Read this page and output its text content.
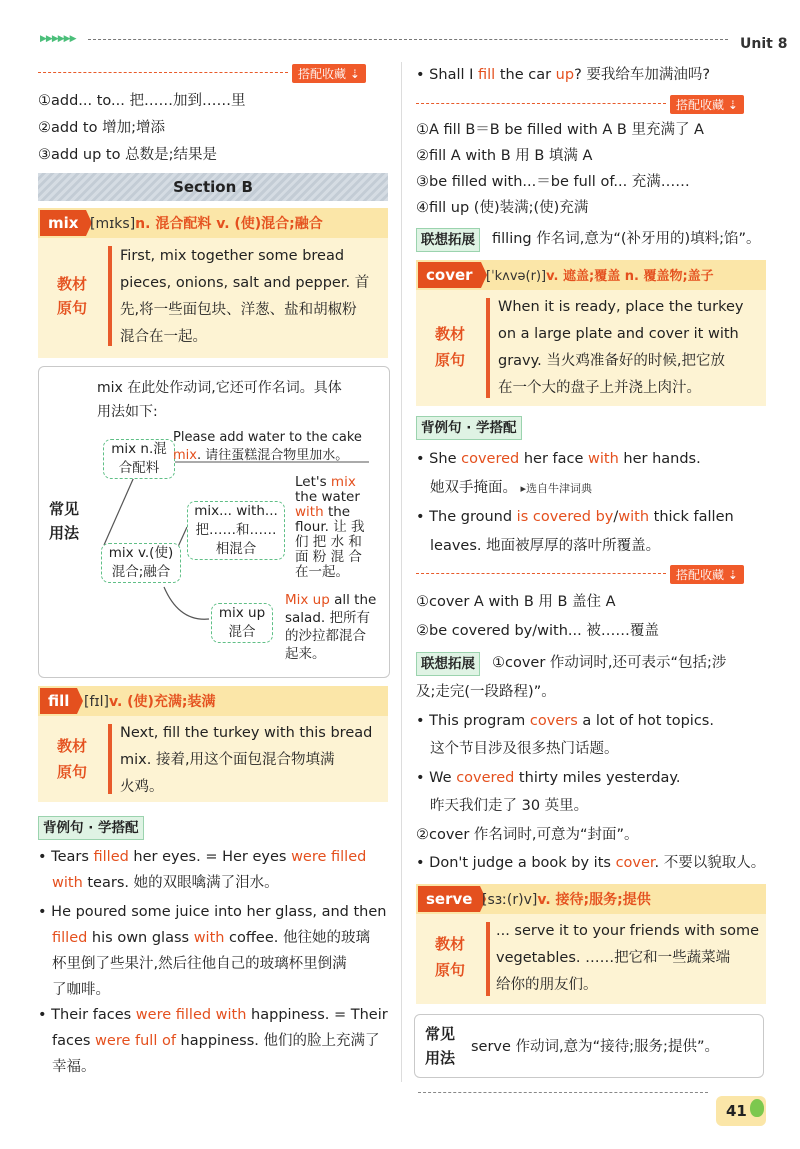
▶▶▶▶▶▶	Unit 8
搭配收藏 ⇣
①add... to... 把……加到……里
②add to 增加;增添
③add up to 总数是;结果是
Section B
mix [mɪks]n. 混合配料 v. (使)混合;融合
教材
原句
First, mix together some bread
pieces, onions, salt and pepper. 首
先,将一些面包块、洋葱、盐和胡椒粉
混合在一起。
mix 在此处作动词,它还可作名词。具体
用法如下:
常见
用法
mix n.混
合配料
Please add water to the cake
mix. 请往蛋糕混合物里加水。
mix v.(使)
混合;融合
mix... with...
把……和……
相混合
Let's mix
the water
with the
flour. 让 我
们 把 水 和
面 粉 混 合
在一起。
mix up
混合
Mix up all the
salad. 把所有
的沙拉都混合
起来。
fill	[fɪl]v. (使)充满;装满
教材
原句
Next, fill the turkey with this bread
mix. 接着,用这个面包混合物填满
火鸡。
背例句 · 学搭配
• Tears filled her eyes. = Her eyes were filled
with tears. 她的双眼噙满了泪水。
• He poured some juice into her glass, and then
filled his own glass with coffee. 他往她的玻璃
杯里倒了些果汁,然后往他自己的玻璃杯里倒满
了咖啡。
• Their faces were filled with happiness. = Their
faces were full of happiness. 他们的脸上充满了
幸福。
• Shall I fill the car up? 要我给车加满油吗?
搭配收藏 ⇣
①A fill B＝B be filled with A B 里充满了 A
②fill A with B 用 B 填满 A
③be filled with...＝be full of... 充满……
④fill up (使)装满;(使)充满
联想拓展	filling 作名词,意为“(补牙用的)填料;馅”。
cover	[ˈkʌvə(r)]v. 遮盖;覆盖 n. 覆盖物;盖子
教材
原句
When it is ready, place the turkey
on a large plate and cover it with
gravy. 当火鸡准备好的时候,把它放
在一个大的盘子上并浇上肉汁。
背例句 · 学搭配
• She covered her face with her hands.
她双手掩面。 ▸选自牛津词典
• The ground is covered by/with thick fallen
leaves. 地面被厚厚的落叶所覆盖。
搭配收藏 ⇣
①cover A with B 用 B 盖住 A
②be covered by/with... 被……覆盖
联想拓展	①cover 作动词时,还可表示“包括;涉
及;走完(一段路程)”。
• This program covers a lot of hot topics.
这个节目涉及很多热门话题。
• We covered thirty miles yesterday.
昨天我们走了 30 英里。
②cover 作名词时,可意为“封面”。
• Don't judge a book by its cover. 不要以貌取人。
serve [sɜː(r)v]v. 接待;服务;提供
教材
原句
... serve it to your friends with some
vegetables. ……把它和一些蔬菜端
给你的朋友们。
常见
用法
serve 作动词,意为“接待;服务;提供”。
41
